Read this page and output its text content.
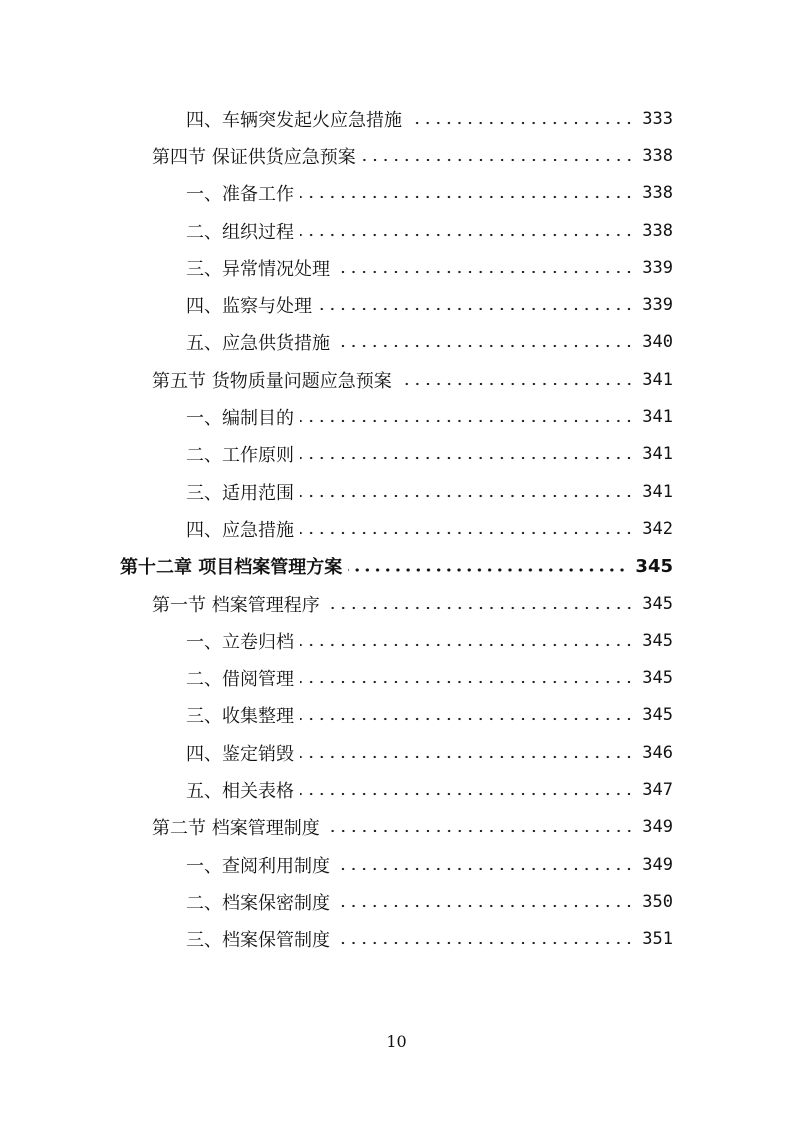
四、车辆突发起火应急措施	333
第四节 保证供货应急预案	338
一、准备工作	338
二、组织过程	338
三、异常情况处理	339
四、监察与处理	339
五、应急供货措施	340
第五节 货物质量问题应急预案	341
一、编制目的	341
二、工作原则	341
三、适用范围	341
四、应急措施	342
第十二章 项目档案管理方案	345
第一节 档案管理程序	345
一、立卷归档	345
二、借阅管理	345
三、收集整理	345
四、鉴定销毁	346
五、相关表格	347
第二节 档案管理制度	349
一、查阅利用制度	349
二、档案保密制度	350
三、档案保管制度	351
10
